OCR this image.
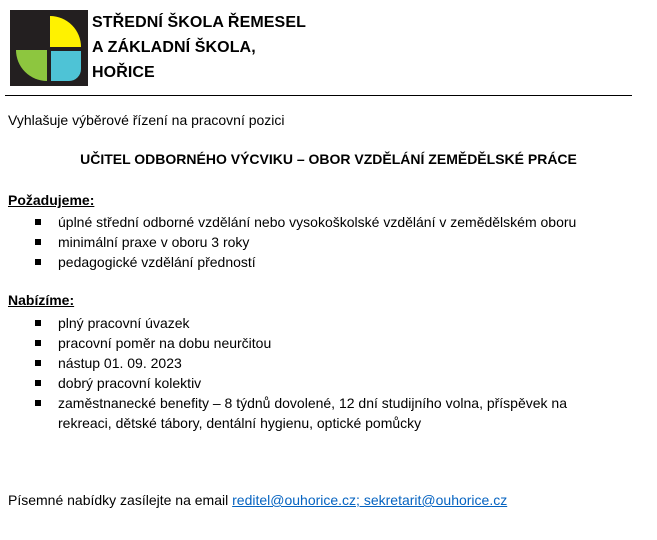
STŘEDNÍ ŠKOLA ŘEMESEL
A ZÁKLADNÍ ŠKOLA,
HOŘICE
Vyhlašuje výběrové řízení na pracovní pozici
UČITEL ODBORNÉHO VÝCVIKU – OBOR VZDĚLÁNÍ ZEMĚDĚLSKÉ PRÁCE
Požadujeme:
úplné střední odborné vzdělání nebo vysokoškolské vzdělání v zemědělském oboru
minimální praxe v oboru 3 roky
pedagogické vzdělání předností
Nabízíme:
plný pracovní úvazek
pracovní poměr na dobu neurčitou
nástup 01. 09. 2023
dobrý pracovní kolektiv
zaměstnanecké benefity – 8 týdnů dovolené, 12 dní studijního volna, příspěvek na rekreaci, dětské tábory, dentální hygienu, optické pomůcky
Písemné nabídky zasílejte na email reditel@ouhorice.cz; sekretarit@ouhorice.cz
